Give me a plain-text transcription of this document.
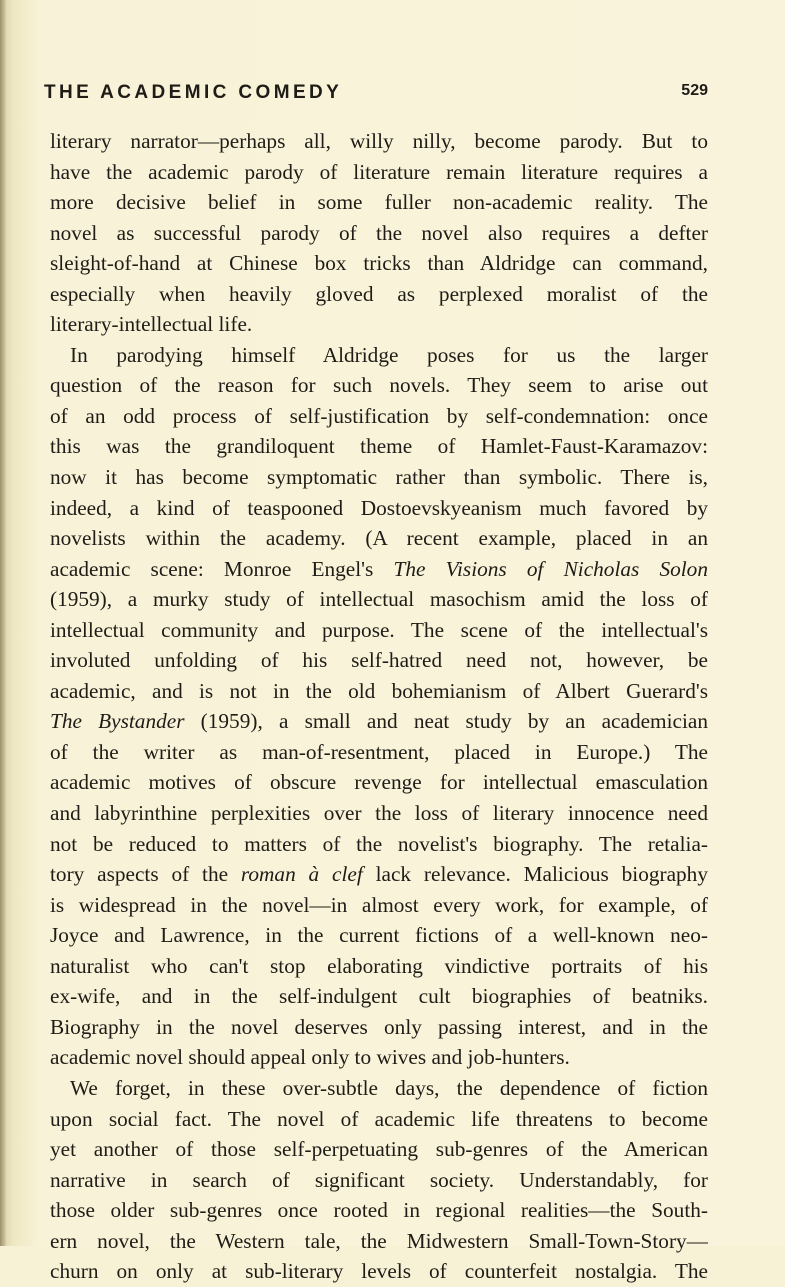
THE ACADEMIC COMEDY	529
literary narrator—perhaps all, willy nilly, become parody. But to
have the academic parody of literature remain literature requires a
more decisive belief in some fuller non-academic reality. The
novel as successful parody of the novel also requires a defter
sleight-of-hand at Chinese box tricks than Aldridge can command,
especially when heavily gloved as perplexed moralist of the
literary-intellectual life.
In parodying himself Aldridge poses for us the larger
question of the reason for such novels. They seem to arise out
of an odd process of self-justification by self-condemnation: once
this was the grandiloquent theme of Hamlet-Faust-Karamazov:
now it has become symptomatic rather than symbolic. There is,
indeed, a kind of teaspooned Dostoevskyeanism much favored by
novelists within the academy. (A recent example, placed in an
academic scene: Monroe Engel's The Visions of Nicholas Solon
(1959), a murky study of intellectual masochism amid the loss of
intellectual community and purpose. The scene of the intellectual's
involuted unfolding of his self-hatred need not, however, be
academic, and is not in the old bohemianism of Albert Guerard's
The Bystander (1959), a small and neat study by an academician
of the writer as man-of-resentment, placed in Europe.) The
academic motives of obscure revenge for intellectual emasculation
and labyrinthine perplexities over the loss of literary innocence need
not be reduced to matters of the novelist's biography. The retalia-
tory aspects of the roman à clef lack relevance. Malicious biography
is widespread in the novel—in almost every work, for example, of
Joyce and Lawrence, in the current fictions of a well-known neo-
naturalist who can't stop elaborating vindictive portraits of his
ex-wife, and in the self-indulgent cult biographies of beatniks.
Biography in the novel deserves only passing interest, and in the
academic novel should appeal only to wives and job-hunters.
We forget, in these over-subtle days, the dependence of fiction
upon social fact. The novel of academic life threatens to become
yet another of those self-perpetuating sub-genres of the American
narrative in search of significant society. Understandably, for
those older sub-genres once rooted in regional realities—the South-
ern novel, the Western tale, the Midwestern Small-Town-Story—
churn on only at sub-literary levels of counterfeit nostalgia. The
